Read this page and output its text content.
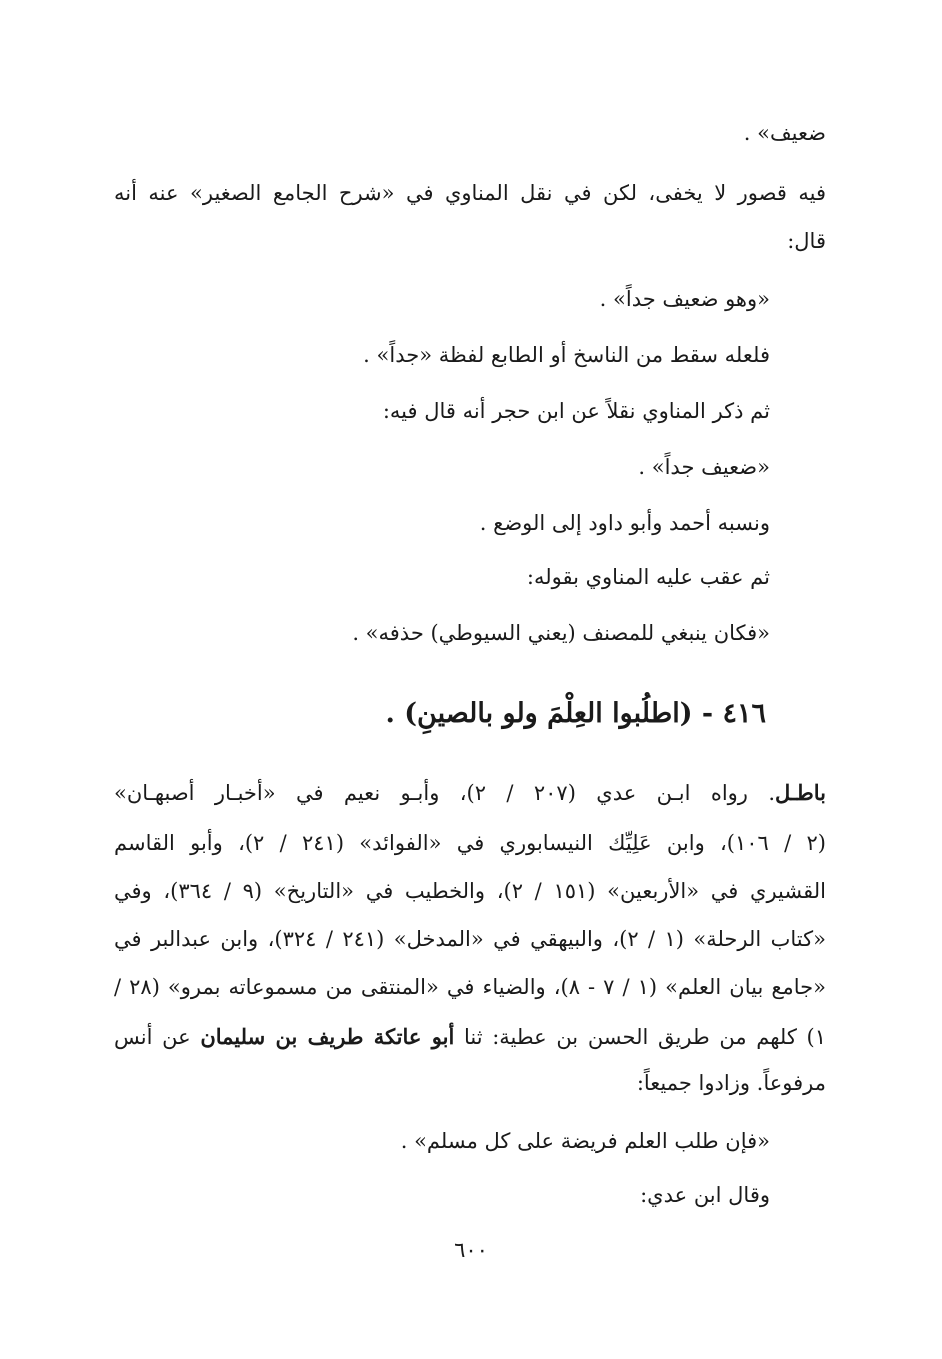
ضعيف» .
فيه قصور لا يخفى، لكن في نقل المناوي في «شرح الجامع الصغير» عنه أنه
قال:
«وهو ضعيف جداً» .
فلعله سقط من الناسخ أو الطابع لفظة «جداً» .
ثم ذكر المناوي نقلاً عن ابن حجر أنه قال فيه:
«ضعيف جداً» .
ونسبه أحمد وأبو داود إلى الوضع .
ثم عقب عليه المناوي بقوله:
«فكان ينبغي للمصنف (يعني السيوطي) حذفه» .
٤١٦ - (اطلُبوا العِلْمَ ولو بالصينِ) .
باطـل. رواه ابـن عدي (٢٠٧ / ٢)، وأبـو نعيم في «أخبـار أصبهـان»
(٢ / ١٠٦)، وابن عَلِيِّك النيسابوري في «الفوائد» (٢٤١ / ٢)، وأبو القاسم
القشيري في «الأربعين» (١٥١ / ٢)، والخطيب في «التاريخ» (٩ / ٣٦٤)، وفي
«كتاب الرحلة» (١ / ٢)، والبيهقي في «المدخل» (٢٤١ / ٣٢٤)، وابن عبدالبر في
«جامع بيان العلم» (١ / ٧ - ٨)، والضياء في «المنتقى من مسموعاته بمرو» (٢٨ /
١) كلهم من طريق الحسن بن عطية: ثنا أبو عاتكة طريف بن سليمان عن أنس
مرفوعاً. وزادوا جميعاً:
«فإن طلب العلم فريضة على كل مسلم» .
وقال ابن عدي:
٦٠٠
